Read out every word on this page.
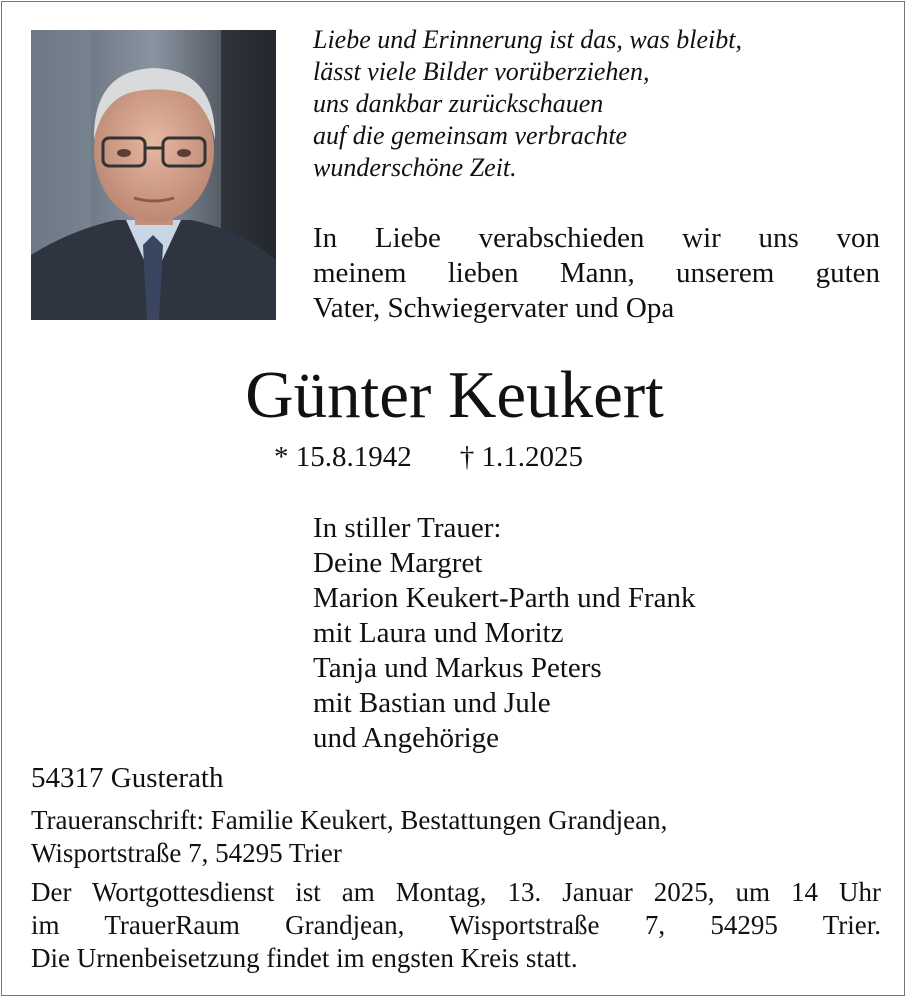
Liebe und Erinnerung ist das, was bleibt,
lässt viele Bilder vorüberziehen,
uns dankbar zurückschauen
auf die gemeinsam verbrachte
wunderschöne Zeit.
In Liebe verabschieden wir uns von
meinem lieben Mann, unserem guten
Vater, Schwiegervater und Opa
Günter Keukert
* 15.8.1942 † 1.1.2025
In stiller Trauer:
Deine Margret
Marion Keukert-Parth und Frank
mit Laura und Moritz
Tanja und Markus Peters
mit Bastian und Jule
und Angehörige
54317 Gusterath
Traueranschrift: Familie Keukert, Bestattungen Grandjean,
Wisportstraße 7, 54295 Trier
Der Wortgottesdienst ist am Montag, 13. Januar 2025, um 14 Uhr
im TrauerRaum Grandjean, Wisportstraße 7, 54295 Trier.
Die Urnenbeisetzung findet im engsten Kreis statt.
